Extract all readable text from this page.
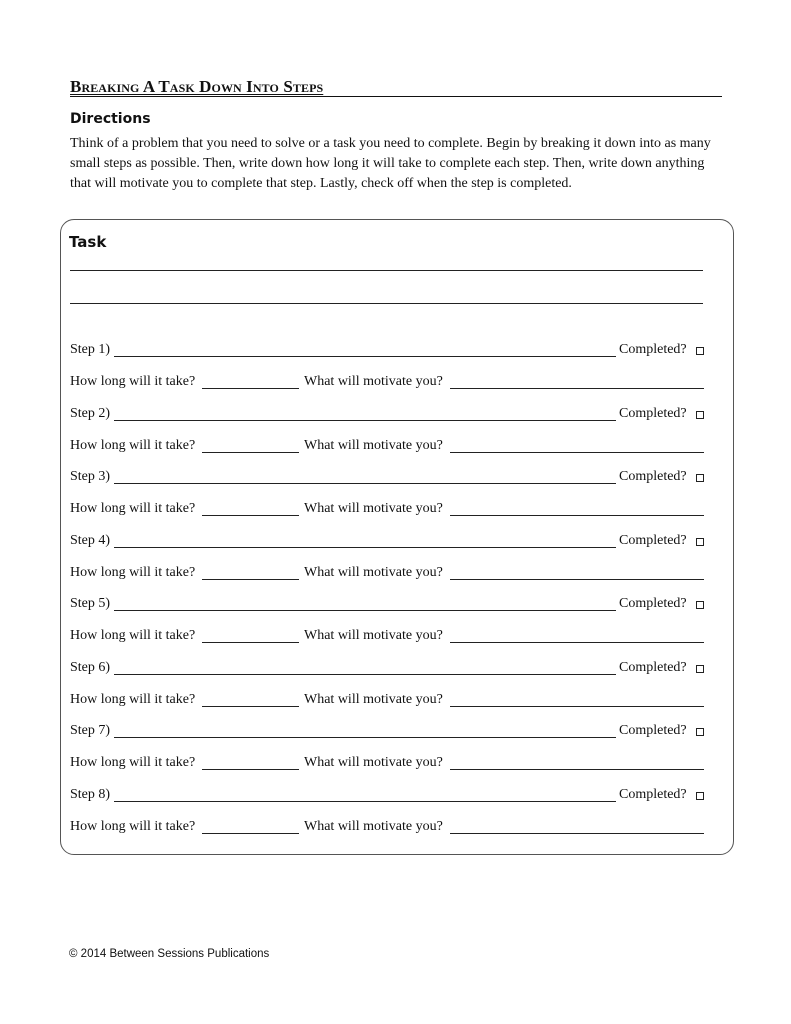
Breaking A Task Down Into Steps
Directions
Think of a problem that you need to solve or a task you need to complete. Begin by breaking it down into as many
small steps as possible. Then, write down how long it will take to complete each step. Then, write down anything
that will motivate you to complete that step. Lastly, check off when the step is completed.
Task
Step 1)	Completed?
How long will it take?	What will motivate you?
Step 2)	Completed?
How long will it take?	What will motivate you?
Step 3)	Completed?
How long will it take?	What will motivate you?
Step 4)	Completed?
How long will it take?	What will motivate you?
Step 5)	Completed?
How long will it take?	What will motivate you?
Step 6)	Completed?
How long will it take?	What will motivate you?
Step 7)	Completed?
How long will it take?	What will motivate you?
Step 8)	Completed?
How long will it take?	What will motivate you?
© 2014 Between Sessions Publications
